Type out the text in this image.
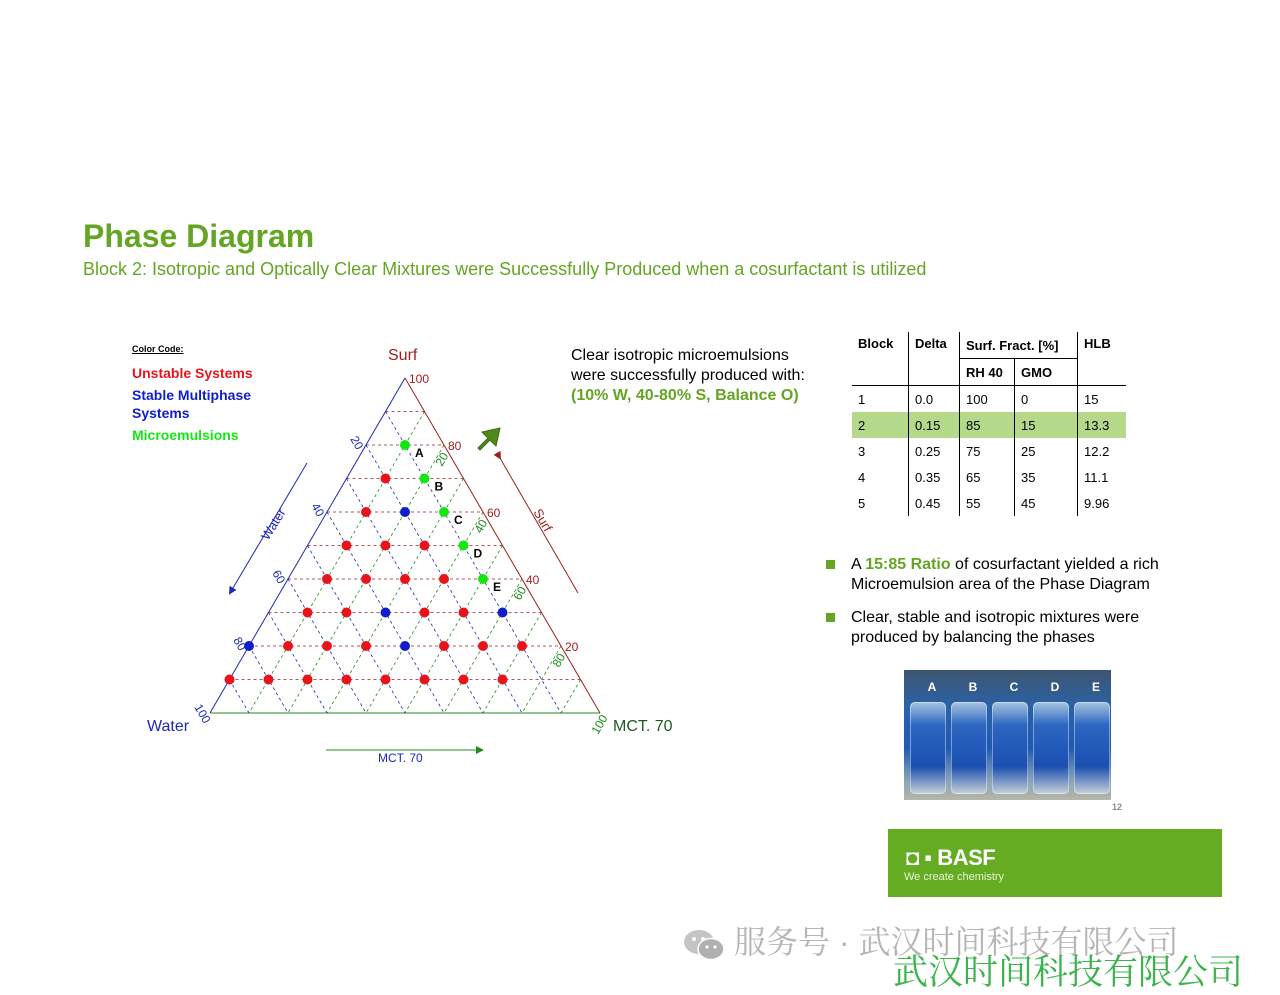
Phase Diagram
Block 2: Isotropic and Optically Clear Mixtures were Successfully Produced when a cosurfactant is utilized
Color Code:
Unstable Systems
Stable Multiphase Systems
Microemulsions
A
B
C
D
E
100
80
60
40
20
20
40
60
80
100
20
40
60
80
100
Surf
Water	MCT. 70
Water	Surf
MCT. 70
Clear isotropic microemulsions
were successfully produced with:
(10% W, 40-80% S, Balance O)
Block	Delta	Surf. Fract. [%]		HLB
		RH 40	GMO	
1	0.0	100	0	15
2	0.15	85	15	13.3
3	0.25	75	25	12.2
4	0.35	65	35	11.1
5	0.45	55	45	9.96
A 15:85 Ratio of cosurfactant yielded a rich Microemulsion area of the Phase Diagram
Clear, stable and isotropic mixtures were produced by balancing the phases
A	B	C	D	E
12
◘ ▪ BASF
We create chemistry
服务号 · 武汉时间科技有限公司
武汉时间科技有限公司
